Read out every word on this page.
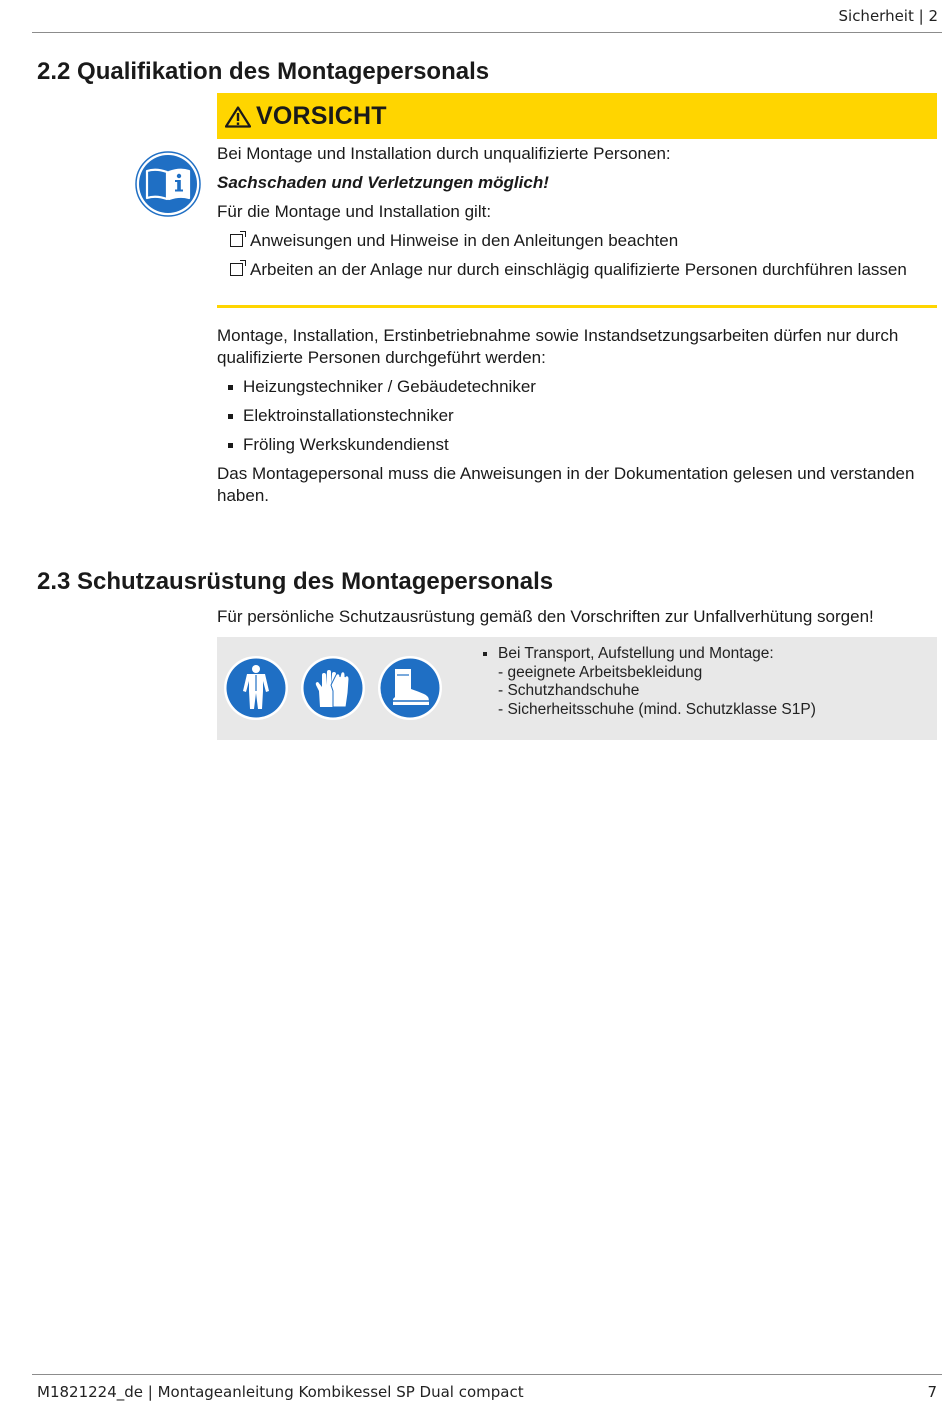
Sicherheit | 2
2.2 Qualifikation des Montagepersonals
VORSICHT

Bei Montage und Installation durch unqualifizierte Personen:

Sachschaden und Verletzungen möglich!

Für die Montage und Installation gilt:

Anweisungen und Hinweise in den Anleitungen beachten
Arbeiten an der Anlage nur durch einschlägig qualifizierte Personen durchführen lassen

Montage, Installation, Erstinbetriebnahme sowie Instandsetzungsarbeiten dürfen nur durch qualifizierte Personen durchgeführt werden:

Heizungstechniker / Gebäudetechniker
Elektroinstallationstechniker
Fröling Werkskundendienst

Das Montagepersonal muss die Anweisungen in der Dokumentation gelesen und verstanden haben.

2.3 Schutzausrüstung des Montagepersonals

Für persönliche Schutzausrüstung gemäß den Vorschriften zur Unfallverhütung sorgen!

Bei Transport, Aufstellung und Montage:
- geeignete Arbeitsbekleidung
- Schutzhandschuhe
- Sicherheitsschuhe (mind. Schutzklasse S1P)
M1821224_de | Montageanleitung Kombikessel SP Dual compact	7
